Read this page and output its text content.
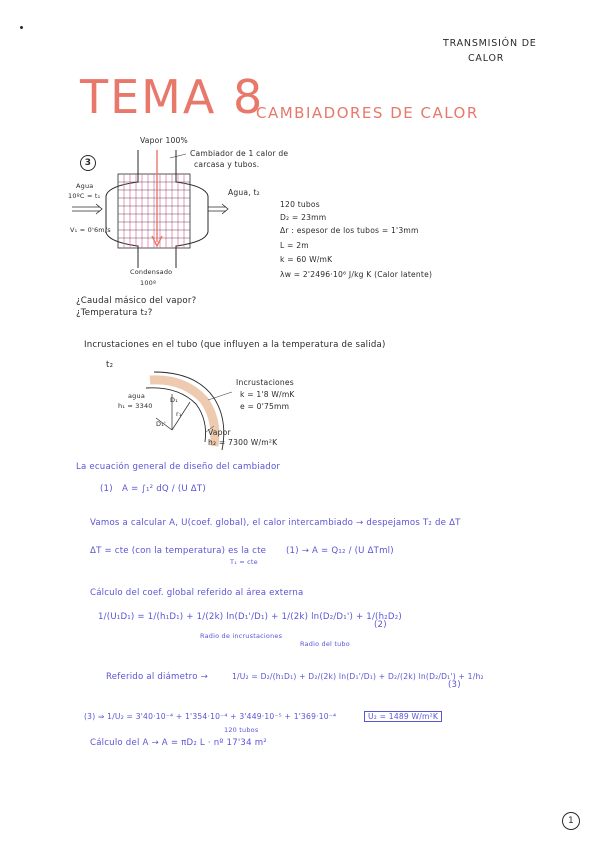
TRANSMISIÓN DE
CALOR
TEMA 8
CAMBIADORES DE CALOR
3
Vapor 100%
Cambiador de 1 calor de
carcasa y tubos.
Agua
10ºC = t₁
V₁ = 0'6m/s
Agua, t₂
Condensado
100º
120 tubos
D₂ = 23mm
Δr : espesor de los tubos = 1'3mm
L = 2m
k = 60 W/mK
λw = 2'2496·10⁶ J/kg K (Calor latente)
¿Caudal másico del vapor?
¿Temperatura t₂?
Incrustaciones en el tubo (que influyen a la temperatura de salida)
t₂
agua
h₁ = 3340
D₁
r₁
D₁'
Incrustaciones
k = 1'8 W/mK
e = 0'75mm
Vapor
h₂ = 7300 W/m²K
La ecuación general de diseño del cambiador
(1) A = ∫₁² dQ / (U ΔT)
Vamos a calcular A, U(coef. global), el calor intercambiado → despejamos T₂ de ΔT
ΔT = cte (con la temperatura) es la cte
T₁ = cte
(1) → A = Q₁₂ / (U ΔTml)
Cálculo del coef. global referido al área externa
1/(U₁D₁) = 1/(h₁D₁) + 1/(2k) ln(D₁'/D₁) + 1/(2k) ln(D₂/D₁') + 1/(h₂D₂)
(2)
Radio de incrustaciones
Radio del tubo
Referido al diámetro →	1/U₂ = D₂/(h₁D₁) + D₂/(2k) ln(D₁'/D₁) + D₂/(2k) ln(D₂/D₁') + 1/h₂
(3)
(3) ⇒ 1/U₂ = 3'40·10⁻⁴ + 1'354·10⁻⁴ + 3'449·10⁻⁵ + 1'369·10⁻⁴	U₂ = 1489 W/m²K
120 tubos
Cálculo del A → A = πD₂ L · nº 17'34 m²
1
